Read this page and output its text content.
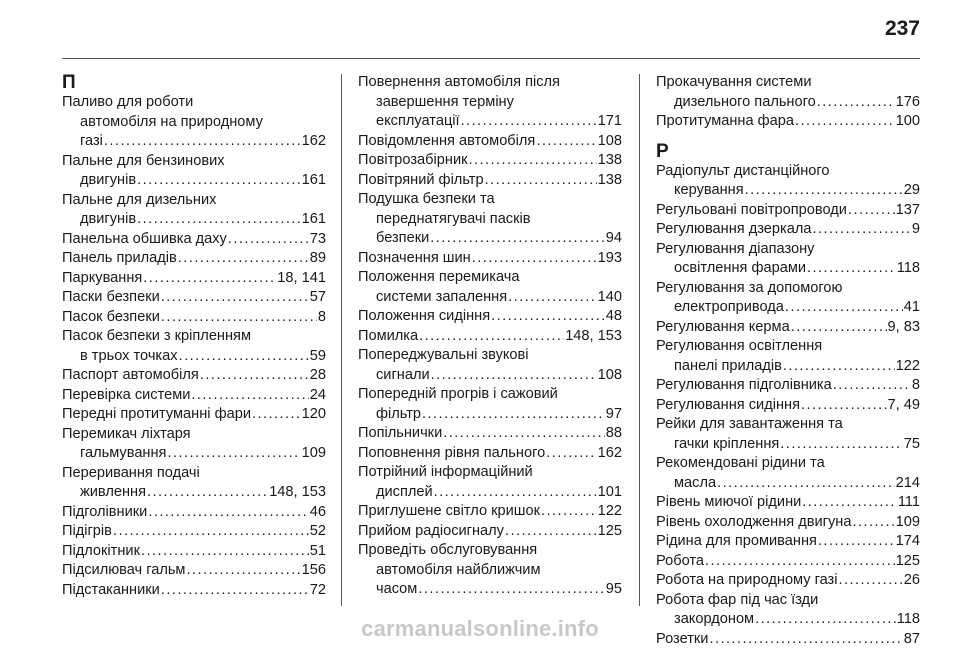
237
П
Паливо для роботи
автомобіля на природному
газі . . .	162
Пальне для бензинових
двигунів . . .	161
Пальне для дизельних
двигунів . . .	161
Панельна обшивка даху . . .	73
Панель приладів . . .	89
Паркування . . .	18, 141
Паски безпеки . . .	57
Пасок безпеки . . .	8
Пасок безпеки з кріпленням
в трьох точках . . .	59
Паспорт автомобіля . . .	28
Перевірка системи . . .	24
Передні протитуманні фари . . .	120
Перемикач ліхтаря
гальмування . . .	109
Переривання подачі
живлення . . .	148, 153
Підголівники . . .	46
Підігрів . . .	52
Підлокітник . . .	51
Підсилювач гальм . . .	156
Підстаканники . . .	72
Повернення автомобіля після
завершення терміну
експлуатації . . .	171
Повідомлення автомобіля . . .	108
Повітрозабірник . . .	138
Повітряний фільтр . . .	138
Подушка безпеки та
переднатягувачі пасків
безпеки . . .	94
Позначення шин . . .	193
Положення перемикача
системи запалення . . .	140
Положення сидіння . . .	48
Помилка . . .	148, 153
Попереджувальні звукові
сигнали . . .	108
Попередній прогрів і сажовий
фільтр . . .	97
Попільнички . . .	88
Поповнення рівня пального . . .	162
Потрійний інформаційний
дисплей . . .	101
Приглушене світло кришок . . .	122
Прийом радіосигналу . . .	125
Проведіть обслуговування
автомобіля найближчим
часом . . .	95
Прокачування системи
дизельного пального . . .	176
Протитуманна фара . . .	100
Р
Радіопульт дистанційного
керування . . .	29
Регульовані повітропроводи . . .	137
Регулювання дзеркала . . .	9
Регулювання діапазону
освітлення фарами . . .	118
Регулювання за допомогою
електропривода . . .	41
Регулювання керма . . .	9, 83
Регулювання освітлення
панелі приладів . . .	122
Регулювання підголівника . . .	8
Регулювання сидіння . . .	7, 49
Рейки для завантаження та
гачки кріплення . . .	75
Рекомендовані рідини та
масла . . .	214
Рівень миючої рідини . . .	111
Рівень охолодження двигуна . . .	109
Рідина для промивання . . .	174
Робота . . .	125
Робота на природному газі . . .	26
Робота фар під час їзди
закордоном . . .	118
Розетки . . .	87
carmanualsonline.info
